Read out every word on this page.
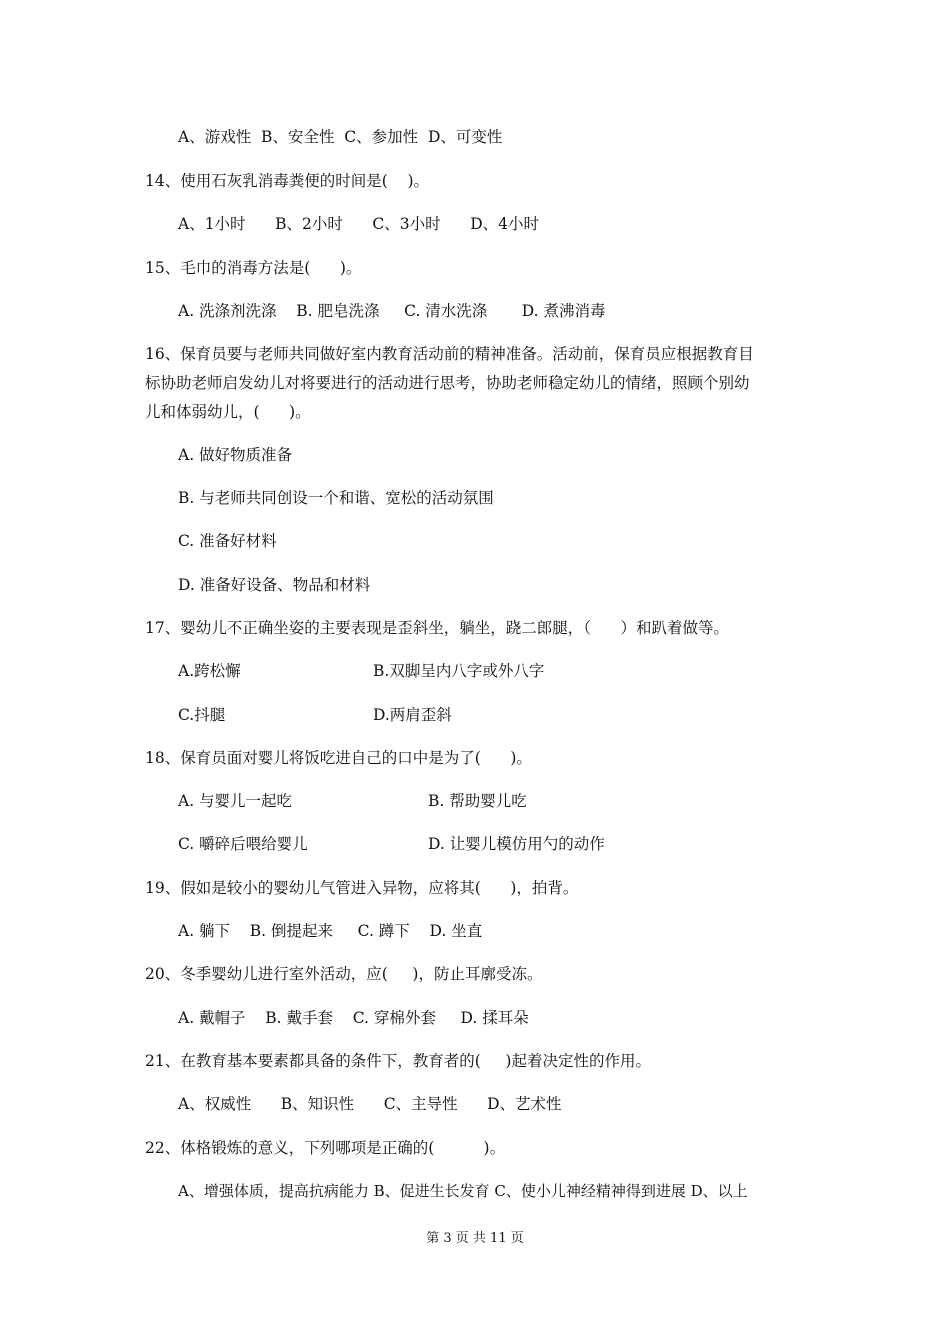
A、游戏性  B、安全性  C、参加性  D、可变性
14、使用石灰乳消毒粪便的时间是(    )。
A、1小时      B、2小时      C、3小时      D、4小时
15、毛巾的消毒方法是(      )。
A. 洗涤剂洗涤    B. 肥皂洗涤     C. 清水洗涤       D. 煮沸消毒
16、保育员要与老师共同做好室内教育活动前的精神准备。活动前，保育员应根据教育目
标协助老师启发幼儿对将要进行的活动进行思考，协助老师稳定幼儿的情绪，照顾个别幼
儿和体弱幼儿，(      )。
A. 做好物质准备
B. 与老师共同创设一个和谐、宽松的活动氛围
C. 准备好材料
D. 准备好设备、物品和材料
17、婴幼儿不正确坐姿的主要表现是歪斜坐，躺坐，跷二郎腿，（      ）和趴着做等。
A.跨松懈	B.双脚呈内八字或外八字
C.抖腿	D.两肩歪斜
18、保育员面对婴儿将饭吃进自己的口中是为了(      )。
A. 与婴儿一起吃	B. 帮助婴儿吃
C. 嚼碎后喂给婴儿	D. 让婴儿模仿用勺的动作
19、假如是较小的婴幼儿气管进入异物，应将其(      )，拍背。
A. 躺下    B. 倒提起来     C. 蹲下    D. 坐直
20、冬季婴幼儿进行室外活动，应(     )，防止耳廓受冻。
A. 戴帽子    B. 戴手套    C. 穿棉外套     D. 揉耳朵
21、在教育基本要素都具备的条件下，教育者的(     )起着决定性的作用。
A、权威性      B、知识性      C、主导性      D、艺术性
22、体格锻炼的意义，下列哪项是正确的(          )。
A、增强体质，提高抗病能力 B、促进生长发育 C、使小儿神经精神得到进展 D、以上
第 3 页 共 11 页
